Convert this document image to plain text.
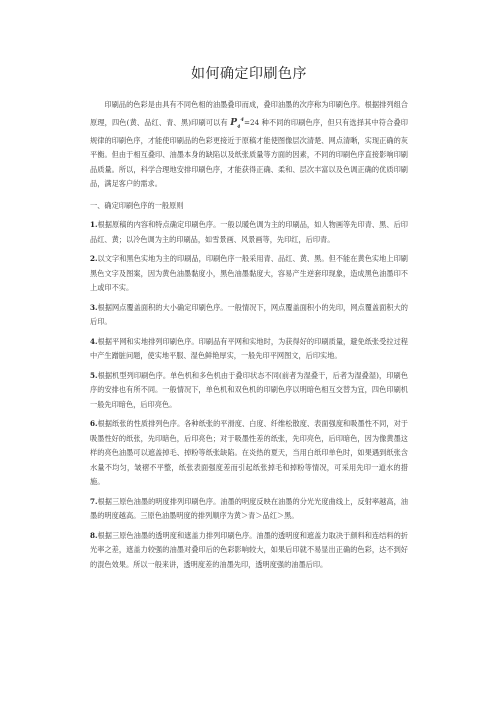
如何确定印刷色序

印刷品的色彩是由具有不同色相的油墨叠印而成，叠印油墨的次序称为印刷色序。根据排列组合原理，四色(黄、品红、青、黑)印刷可以有 $P_4^4=24$ 种不同的印刷色序，但只有选择其中符合叠印规律的印刷色序，才能使印刷品的色彩更接近于原稿才能使图像层次清楚、网点清晰，实现正确的灰平衡。但由于相互叠印、油墨本身的缺陷以及纸张质量等方面的因素，不同的印刷色序直接影响印刷品质量。所以，科学合理地安排印刷色序，才能获得正确、柔和、层次丰富以及色调正确的优质印刷品，满足客户的需求。

一、确定印刷色序的一般原则

1.根据原稿的内容和特点确定印刷色序。一般以暖色调为主的印刷品，如人物画等先印青、黑、后印品红、黄；以冷色调为主的印刷品，如雪景画、风景画等，先印红，后印青。

2.以文字和黑色实地为主的印刷品，印刷色序一般采用青、品红、黄、黑。但不能在黄色实地上印刷黑色文字及图案，因为黄色油墨黏度小，黑色油墨黏度大，容易产生逆套印现象，造成黑色油墨印不上或印不实。

3.根据网点覆盖面积的大小确定印刷色序。一般情况下，网点覆盖面积小的先印，网点覆盖面积大的后印。

4.根据平网和实地排列印刷色序。印刷品有平网和实地时，为获得好的印刷质量，避免纸张受拉过程中产生蹭脏问题，使实地平服、湿色鲜艳厚实，一般先印平网图文，后印实地。

5.根据机型列印刷色序。单色机和多色机由于叠印状态不同(前者为湿叠干，后者为湿叠湿)，印刷色序的安排也有所不同。一般情况下，单色机和双色机的印刷色序以明暗色相互交替为宜，四色印刷机一般先印暗色，后印亮色。

6.根据纸张的性质排列色序。各种纸张的平滑度、白度、纤维松散度、表面强度和吸墨性不同，对于吸墨性好的纸张，先印暗色，后印亮色；对于吸墨性差的纸张，先印亮色，后印暗色，因为像黄墨这样的亮色油墨可以遮盖掉毛、掉粉等纸张缺陷。在炎热的夏天，当用白纸印单色时，如果遇到纸张含水量不均匀，皱褶不平整，纸张表面强度差而引起纸张掉毛和掉粉等情况，可采用先印一道水的措施。

7.根据三原色油墨的明度排列印刷色序。油墨的明度反映在油墨的分光光度曲线上，反射率越高，油墨的明度越高。三原色油墨明度的排列顺序为黄＞青＞品红＞黑。

8.根据三原色油墨的透明度和遮盖力排列印刷色序。油墨的透明度和遮盖力取决于颜料和连结料的折光率之差，遮盖力较强的油墨对叠印后的色彩影响较大，如果后印就不易显出正确的色彩，达不到好的混色效果。所以一般来讲，透明度差的油墨先印，透明度强的油墨后印。
